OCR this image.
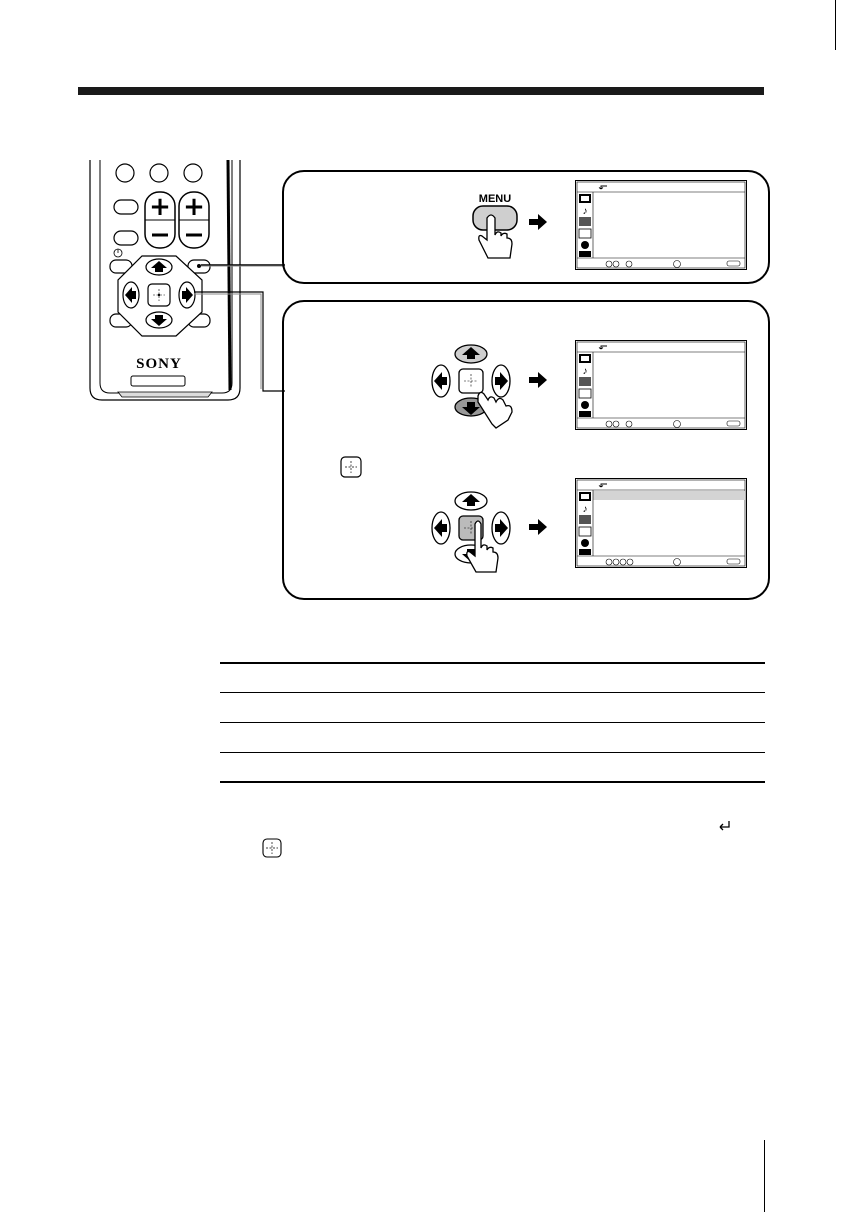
+ +
SONY
MENU
♪
♪
♪
